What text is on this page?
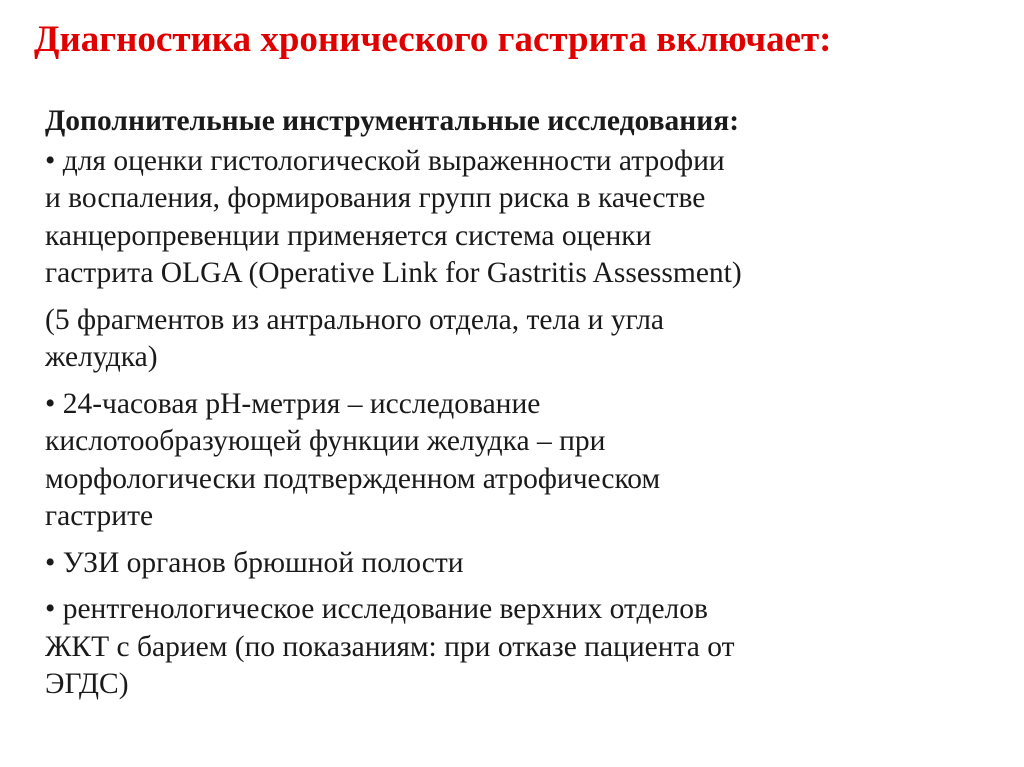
Диагностика хронического гастрита включает:
Дополнительные инструментальные исследования:
• для оценки гистологической выраженности атрофии
и воспаления, формирования групп риска в качестве
канцеропревенции применяется система оценки
гастрита OLGA (Operative Link for Gastritis Assessment)
(5 фрагментов из антрального отдела, тела и угла
желудка)
• 24-часовая рН-метрия – исследование
кислотообразующей функции желудка – при
морфологически подтвержденном атрофическом
гастрите
• УЗИ органов брюшной полости
• рентгенологическое исследование верхних отделов
ЖКТ с барием (по показаниям: при отказе пациента от
ЭГДС)
